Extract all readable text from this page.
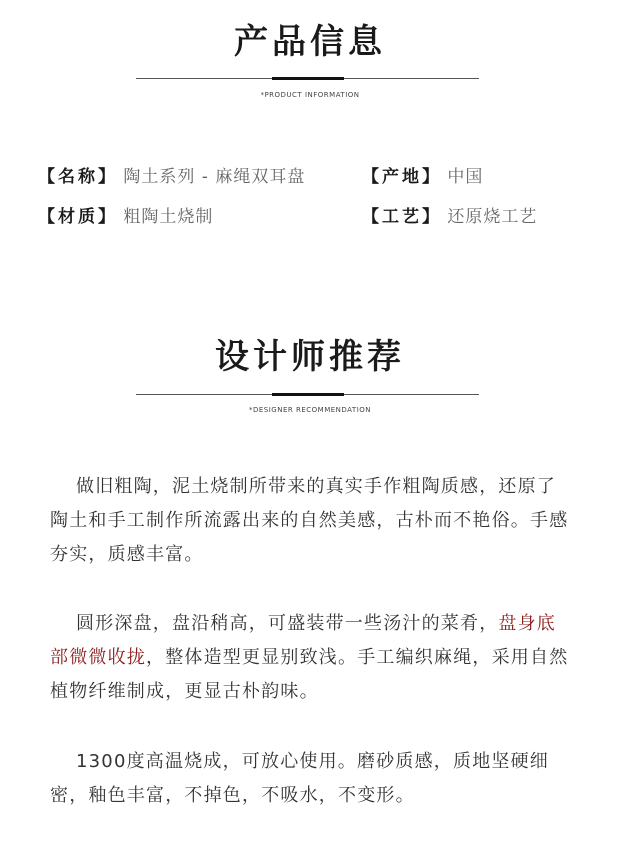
产品信息
*PRODUCT INFORMATION
【名称】 陶土系列 - 麻绳双耳盘	【产地】 中国
【材质】 粗陶土烧制	【工艺】 还原烧工艺
设计师推荐
*DESIGNER RECOMMENDATION
做旧粗陶，泥土烧制所带来的真实手作粗陶质感，还原了陶土和手工制作所流露出来的自然美感，古朴而不艳俗。手感夯实，质感丰富。
圆形深盘，盘沿稍高，可盛装带一些汤汁的菜肴，盘身底部微微收拢，整体造型更显别致浅。手工编织麻绳，采用自然植物纤维制成，更显古朴韵味。
1300度高温烧成，可放心使用。磨砂质感，质地坚硬细密，釉色丰富，不掉色，不吸水，不变形。
